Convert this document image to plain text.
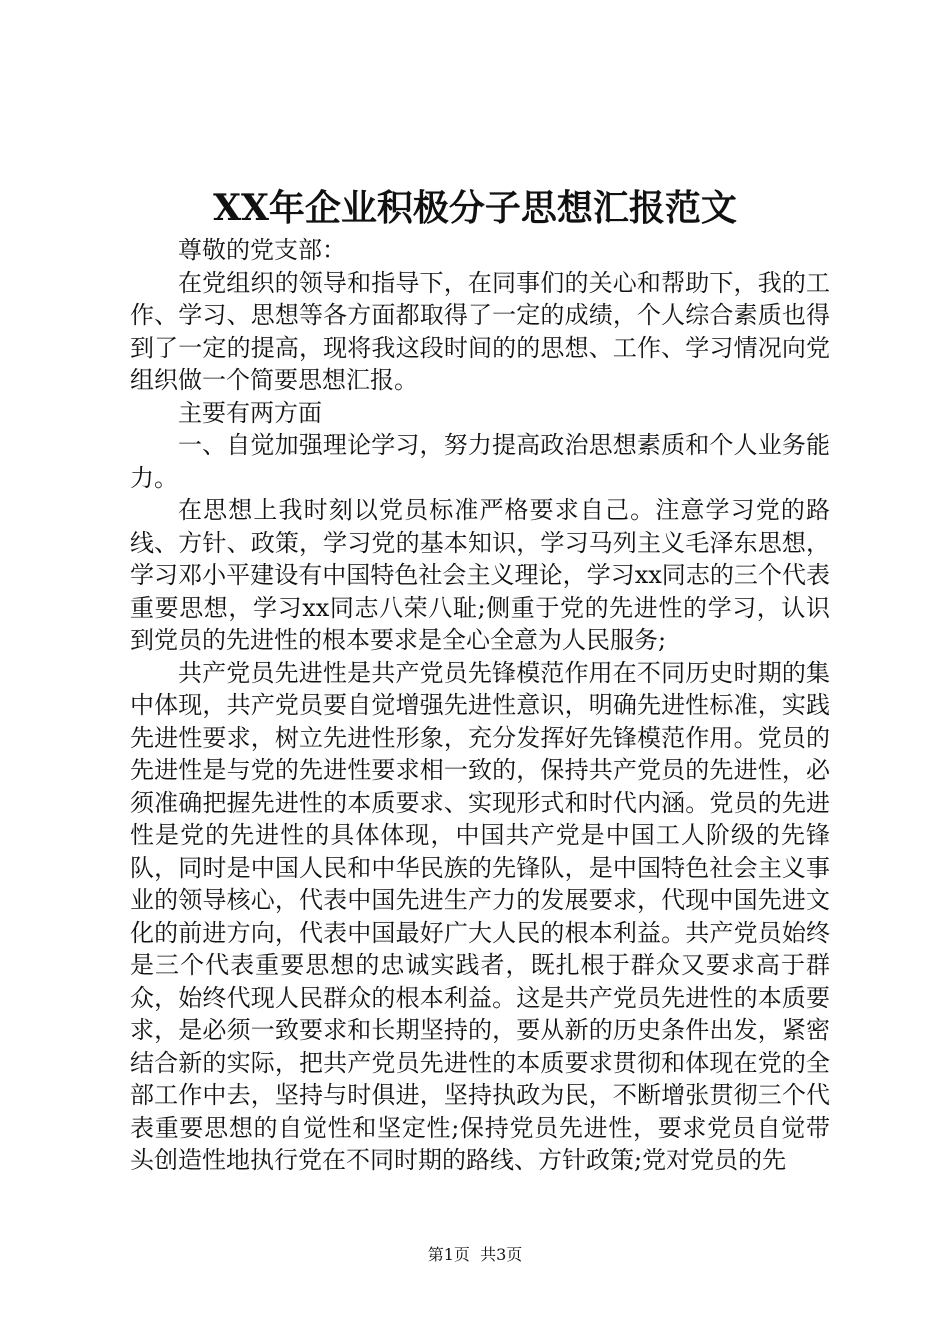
XX年企业积极分子思想汇报范文

尊敬的党支部：

在党组织的领导和指导下，在同事们的关心和帮助下，我的工作、学习、思想等各方面都取得了一定的成绩，个人综合素质也得到了一定的提高，现将我这段时间的的思想、工作、学习情况向党组织做一个简要思想汇报。

主要有两方面

一、自觉加强理论学习，努力提高政治思想素质和个人业务能力。

在思想上我时刻以党员标准严格要求自己。注意学习党的路线、方针、政策，学习党的基本知识，学习马列主义毛泽东思想，学习邓小平建设有中国特色社会主义理论，学习xx同志的三个代表重要思想，学习xx同志八荣八耻;侧重于党的先进性的学习，认识到党员的先进性的根本要求是全心全意为人民服务;

共产党员先进性是共产党员先锋模范作用在不同历史时期的集中体现，共产党员要自觉增强先进性意识，明确先进性标准，实践先进性要求，树立先进性形象，充分发挥好先锋模范作用。党员的先进性是与党的先进性要求相一致的，保持共产党员的先进性，必须准确把握先进性的本质要求、实现形式和时代内涵。党员的先进性是党的先进性的具体体现，中国共产党是中国工人阶级的先锋队，同时是中国人民和中华民族的先锋队，是中国特色社会主义事业的领导核心，代表中国先进生产力的发展要求，代现中国先进文化的前进方向，代表中国最好广大人民的根本利益。共产党员始终是三个代表重要思想的忠诚实践者，既扎根于群众又要求高于群众，始终代现人民群众的根本利益。这是共产党员先进性的本质要求，是必须一致要求和长期坚持的，要从新的历史条件出发，紧密结合新的实际，把共产党员先进性的本质要求贯彻和体现在党的全部工作中去，坚持与时俱进，坚持执政为民，不断增张贯彻三个代表重要思想的自觉性和坚定性;保持党员先进性，要求党员自觉带头创造性地执行党在不同时期的路线、方针政策;党对党员的先

第1页  共3页
